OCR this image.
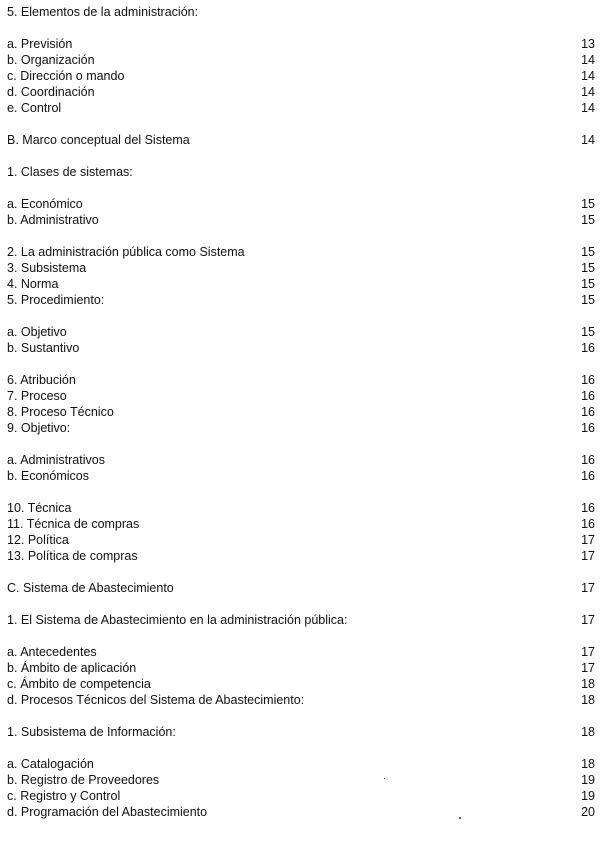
5. Elementos de la administración:
a. Previsión	13
b. Organización	14
c. Dirección o mando	14
d. Coordinación	14
e. Control	14
B. Marco conceptual del Sistema	14
1. Clases de sistemas:
a. Económico	15
b. Administrativo	15
2. La administración pública como Sistema	15
3. Subsistema	15
4. Norma	15
5. Procedimiento:	15
a. Objetivo	15
b. Sustantivo	16
6. Atribución	16
7. Proceso	16
8. Proceso Técnico	16
9. Objetivo:	16
a. Administrativos	16
b. Económicos	16
10. Técnica	16
11. Técnica de compras	16
12. Política	17
13. Política de compras	17
C. Sistema de Abastecimiento	17
1. El Sistema de Abastecimiento en la administración pública:	17
a. Antecedentes	17
b. Ámbito de aplicación	17
c. Ámbito de competencia	18
d. Procesos Técnicos del Sistema de Abastecimiento:	18
1. Subsistema de Información:	18
a. Catalogación	18
b. Registro de Proveedores	19
c. Registro y Control	19
d. Programación del Abastecimiento	20
